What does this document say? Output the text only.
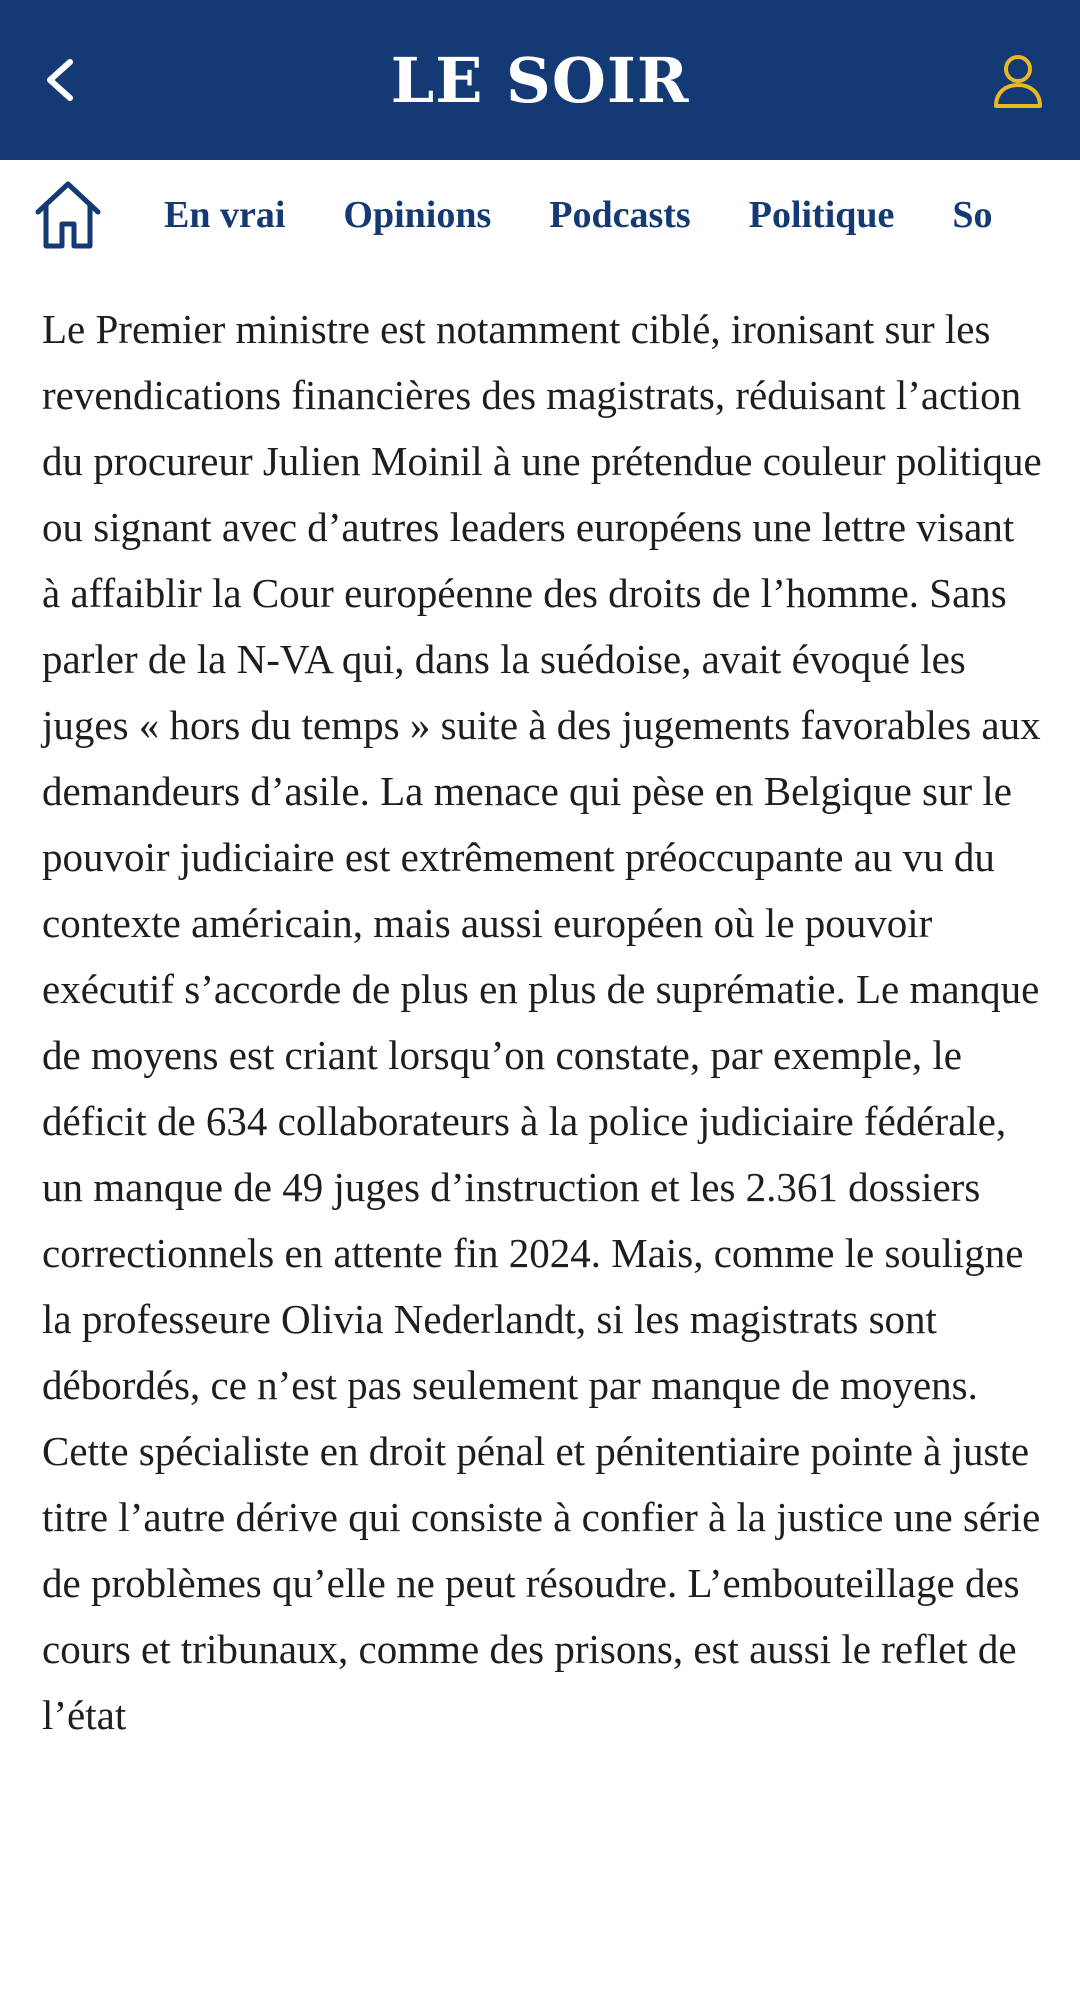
LE SOIR
En vrai Opinions Podcasts Politique So

Le Premier ministre est notamment ciblé, ironisant sur les revendications financières des magistrats, réduisant l’action du procureur Julien Moinil à une prétendue couleur politique ou signant avec d’autres leaders européens une lettre visant à affaiblir la Cour européenne des droits de l’homme. Sans parler de la N-VA qui, dans la suédoise, avait évoqué les juges « hors du temps » suite à des jugements favorables aux demandeurs d’asile. La menace qui pèse en Belgique sur le pouvoir judiciaire est extrêmement préoccupante au vu du contexte américain, mais aussi européen où le pouvoir exécutif s’accorde de plus en plus de suprématie. Le manque de moyens est criant lorsqu’on constate, par exemple, le déficit de 634 collaborateurs à la police judiciaire fédérale, un manque de 49 juges d’instruction et les 2.361 dossiers correctionnels en attente fin 2024. Mais, comme le souligne la professeure Olivia Nederlandt, si les magistrats sont débordés, ce n’est pas seulement par manque de moyens. Cette spécialiste en droit pénal et pénitentiaire pointe à juste titre l’autre dérive qui consiste à confier à la justice une série de problèmes qu’elle ne peut résoudre. L’embouteillage des cours et tribunaux, comme des prisons, est aussi le reflet de l’état
